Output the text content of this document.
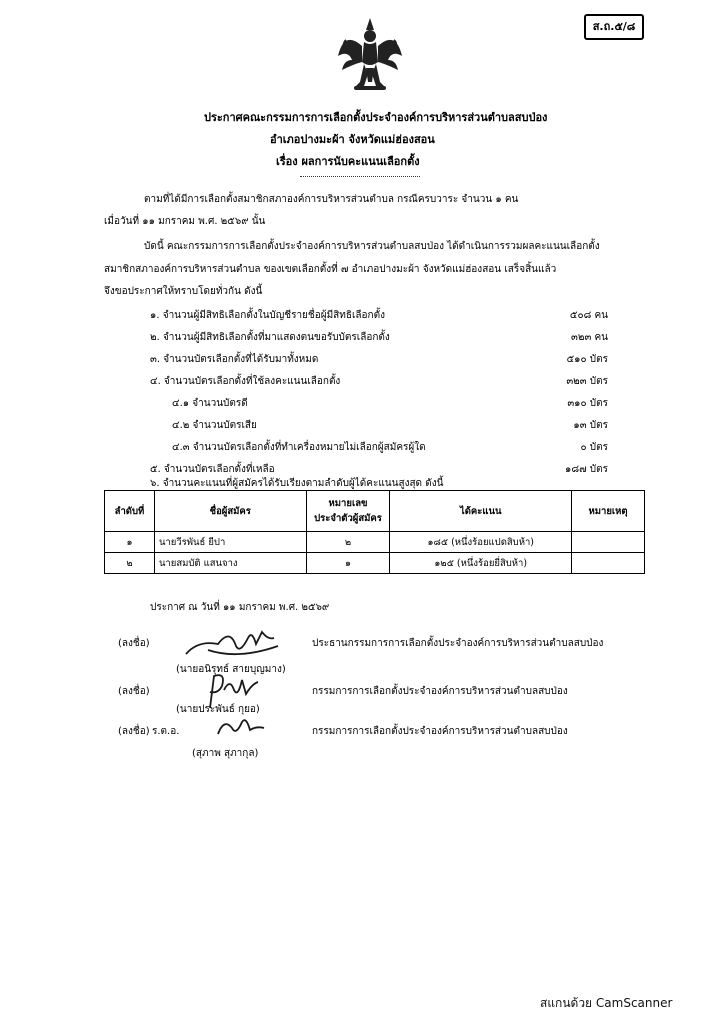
ส.ถ.๕/๘
ประกาศคณะกรรมการการเลือกตั้งประจำองค์การบริหารส่วนตำบลสบป่อง
อำเภอปางมะผ้า จังหวัดแม่ฮ่องสอน
เรื่อง ผลการนับคะแนนเลือกตั้ง
ตามที่ได้มีการเลือกตั้งสมาชิกสภาองค์การบริหารส่วนตำบล กรณีครบวาระ จำนวน ๑ คน
เมื่อวันที่ ๑๑ มกราคม พ.ศ. ๒๕๖๙ นั้น
บัดนี้ คณะกรรมการการเลือกตั้งประจำองค์การบริหารส่วนตำบลสบป่อง ได้ดำเนินการรวมผลคะแนนเลือกตั้ง
สมาชิกสภาองค์การบริหารส่วนตำบล ของเขตเลือกตั้งที่ ๗ อำเภอปางมะผ้า จังหวัดแม่ฮ่องสอน เสร็จสิ้นแล้ว
จึงขอประกาศให้ทราบโดยทั่วกัน ดังนี้
๑. จำนวนผู้มีสิทธิเลือกตั้งในบัญชีรายชื่อผู้มีสิทธิเลือกตั้ง	๕๐๘ คน
๒. จำนวนผู้มีสิทธิเลือกตั้งที่มาแสดงตนขอรับบัตรเลือกตั้ง	๓๒๓ คน
๓. จำนวนบัตรเลือกตั้งที่ได้รับมาทั้งหมด	๕๑๐ บัตร
๔. จำนวนบัตรเลือกตั้งที่ใช้ลงคะแนนเลือกตั้ง	๓๒๓ บัตร
๔.๑ จำนวนบัตรดี	๓๑๐ บัตร
๔.๒ จำนวนบัตรเสีย	๑๓ บัตร
๔.๓ จำนวนบัตรเลือกตั้งที่ทำเครื่องหมายไม่เลือกผู้สมัครผู้ใด	๐ บัตร
๕. จำนวนบัตรเลือกตั้งที่เหลือ	๑๘๗ บัตร
๖. จำนวนคะแนนที่ผู้สมัครได้รับเรียงตามลำดับผู้ได้คะแนนสูงสุด ดังนี้
ลำดับที่	ชื่อผู้สมัคร	หมายเลข
ประจำตัวผู้สมัคร	ได้คะแนน	หมายเหตุ
๑	นายวีรพันธ์ ยีปา	๒	๑๘๕ (หนึ่งร้อยแปดสิบห้า)	
๒	นายสมบัติ แสนจาง	๑	๑๒๕ (หนึ่งร้อยยี่สิบห้า)	
ประกาศ ณ วันที่ ๑๑ มกราคม พ.ศ. ๒๕๖๙
(ลงชื่อ)	ประธานกรรมการการเลือกตั้งประจำองค์การบริหารส่วนตำบลสบป่อง
(นายอนิรุทธ์ สายบุญมาง)
(ลงชื่อ)	กรรมการการเลือกตั้งประจำองค์การบริหารส่วนตำบลสบป่อง
(นายประพันธ์ กุยอ)
(ลงชื่อ) ร.ต.อ.	กรรมการการเลือกตั้งประจำองค์การบริหารส่วนตำบลสบป่อง
(สุภาพ สุภากุล)
สแกนด้วย CamScanner
